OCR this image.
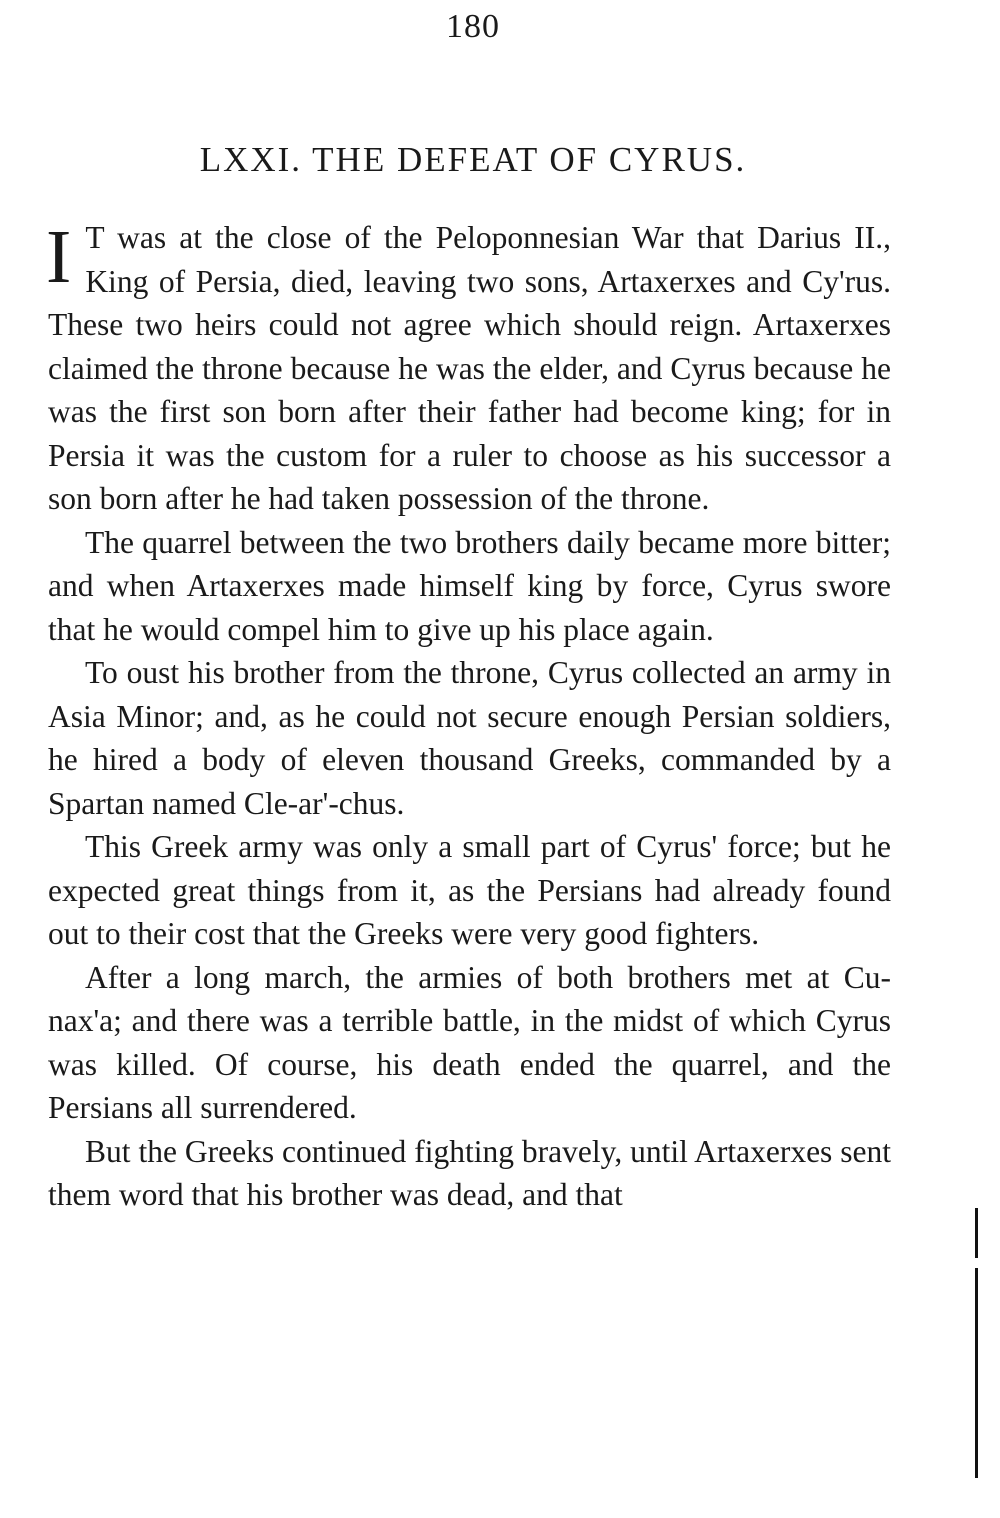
180
LXXI. THE DEFEAT OF CYRUS.

I T was at the close of the Peloponnesian War that Darius II., King of Persia, died, leaving two sons, Artaxerxes and Cy'rus. These two heirs could not agree which should reign. Artaxerxes claimed the throne because he was the elder, and Cyrus because he was the first son born after their father had become king; for in Persia it was the custom for a ruler to choose as his successor a son born after he had taken possession of the throne.

The quarrel between the two brothers daily became more bitter; and when Artaxerxes made himself king by force, Cyrus swore that he would compel him to give up his place again.

To oust his brother from the throne, Cyrus collected an army in Asia Minor; and, as he could not secure enough Persian soldiers, he hired a body of eleven thousand Greeks, commanded by a Spartan named Cle-ar'-chus.

This Greek army was only a small part of Cyrus' force; but he expected great things from it, as the Persians had already found out to their cost that the Greeks were very good fighters.

After a long march, the armies of both brothers met at Cu-nax'a; and there was a terrible battle, in the midst of which Cyrus was killed. Of course, his death ended the quarrel, and the Persians all surrendered.

But the Greeks continued fighting bravely, until Artaxerxes sent them word that his brother was dead, and that
